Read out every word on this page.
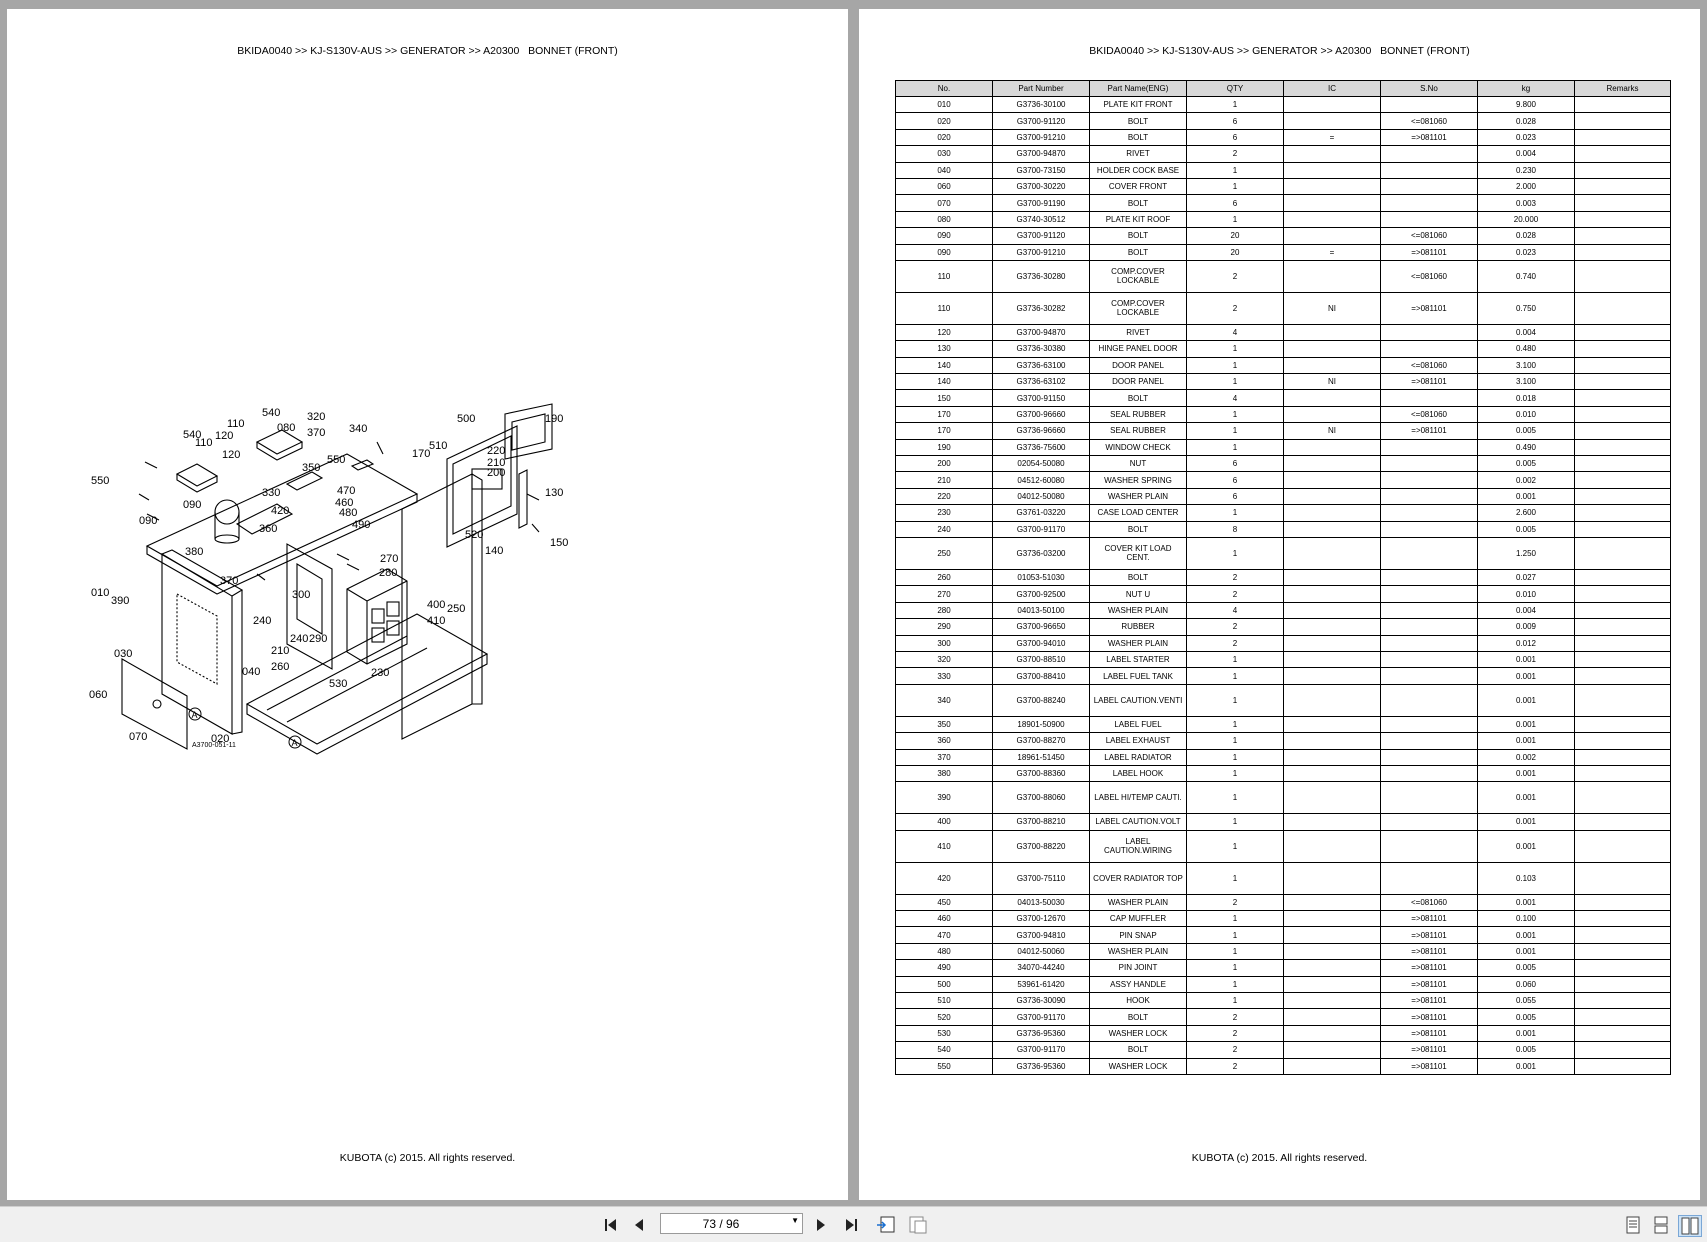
BKIDA0040 >> KJ-S130V-AUS >> GENERATOR >> A20300   BONNET (FRONT)
540
110	080
320
370 340
500	190
540 120
110
120
550
170
510	220
210
200
550
350
130
330	470
460
480
090	420
360	490
090
520
150
140
380
270
280
370
010
390	300
400 250
410
240
030	210
240 290
040 260
530
230
060
070	020
A
A
A3700-051-11
KUBOTA (c) 2015. All rights reserved.
BKIDA0040 >> KJ-S130V-AUS >> GENERATOR >> A20300   BONNET (FRONT)
No.	Part Number	Part Name(ENG)	QTY	IC	S.No	kg	Remarks
010	G3736-30100	PLATE KIT FRONT	1			9.800	
020	G3700-91120	BOLT	6		<=081060	0.028	
020	G3700-91210	BOLT	6	=	=>081101	0.023	
030	G3700-94870	RIVET	2			0.004	
040	G3700-73150	HOLDER COCK BASE	1			0.230	
060	G3700-30220	COVER FRONT	1			2.000	
070	G3700-91190	BOLT	6			0.003	
080	G3740-30512	PLATE KIT ROOF	1			20.000	
090	G3700-91120	BOLT	20		<=081060	0.028	
090	G3700-91210	BOLT	20	=	=>081101	0.023	
110	G3736-30280	COMP.COVER LOCKABLE	2		<=081060	0.740	
110	G3736-30282	COMP.COVER LOCKABLE	2	NI	=>081101	0.750	
120	G3700-94870	RIVET	4			0.004	
130	G3736-30380	HINGE PANEL DOOR	1			0.480	
140	G3736-63100	DOOR PANEL	1		<=081060	3.100	
140	G3736-63102	DOOR PANEL	1	NI	=>081101	3.100	
150	G3700-91150	BOLT	4			0.018	
170	G3700-96660	SEAL RUBBER	1		<=081060	0.010	
170	G3736-96660	SEAL RUBBER	1	NI	=>081101	0.005	
190	G3736-75600	WINDOW CHECK	1			0.490	
200	02054-50080	NUT	6			0.005	
210	04512-60080	WASHER SPRING	6			0.002	
220	04012-50080	WASHER PLAIN	6			0.001	
230	G3761-03220	CASE LOAD CENTER	1			2.600	
240	G3700-91170	BOLT	8			0.005	
250	G3736-03200	COVER KIT LOAD CENT.	1			1.250	
260	01053-51030	BOLT	2			0.027	
270	G3700-92500	NUT U	2			0.010	
280	04013-50100	WASHER PLAIN	4			0.004	
290	G3700-96650	RUBBER	2			0.009	
300	G3700-94010	WASHER PLAIN	2			0.012	
320	G3700-88510	LABEL STARTER	1			0.001	
330	G3700-88410	LABEL FUEL TANK	1			0.001	
340	G3700-88240	LABEL CAUTION.VENTI	1			0.001	
350	18901-50900	LABEL FUEL	1			0.001	
360	G3700-88270	LABEL EXHAUST	1			0.001	
370	18961-51450	LABEL RADIATOR	1			0.002	
380	G3700-88360	LABEL HOOK	1			0.001	
390	G3700-88060	LABEL HI/TEMP CAUTI.	1			0.001	
400	G3700-88210	LABEL CAUTION.VOLT	1			0.001	
410	G3700-88220	LABEL CAUTION.WIRING	1			0.001	
420	G3700-75110	COVER RADIATOR TOP	1			0.103	
450	04013-50030	WASHER PLAIN	2		<=081060	0.001	
460	G3700-12670	CAP MUFFLER	1		=>081101	0.100	
470	G3700-94810	PIN SNAP	1		=>081101	0.001	
480	04012-50060	WASHER PLAIN	1		=>081101	0.001	
490	34070-44240	PIN JOINT	1		=>081101	0.005	
500	53961-61420	ASSY HANDLE	1		=>081101	0.060	
510	G3736-30090	HOOK	1		=>081101	0.055	
520	G3700-91170	BOLT	2		=>081101	0.005	
530	G3736-95360	WASHER LOCK	2		=>081101	0.001	
540	G3700-91170	BOLT	2		=>081101	0.005	
550	G3736-95360	WASHER LOCK	2		=>081101	0.001	
KUBOTA (c) 2015. All rights reserved.
73 / 96
▼
